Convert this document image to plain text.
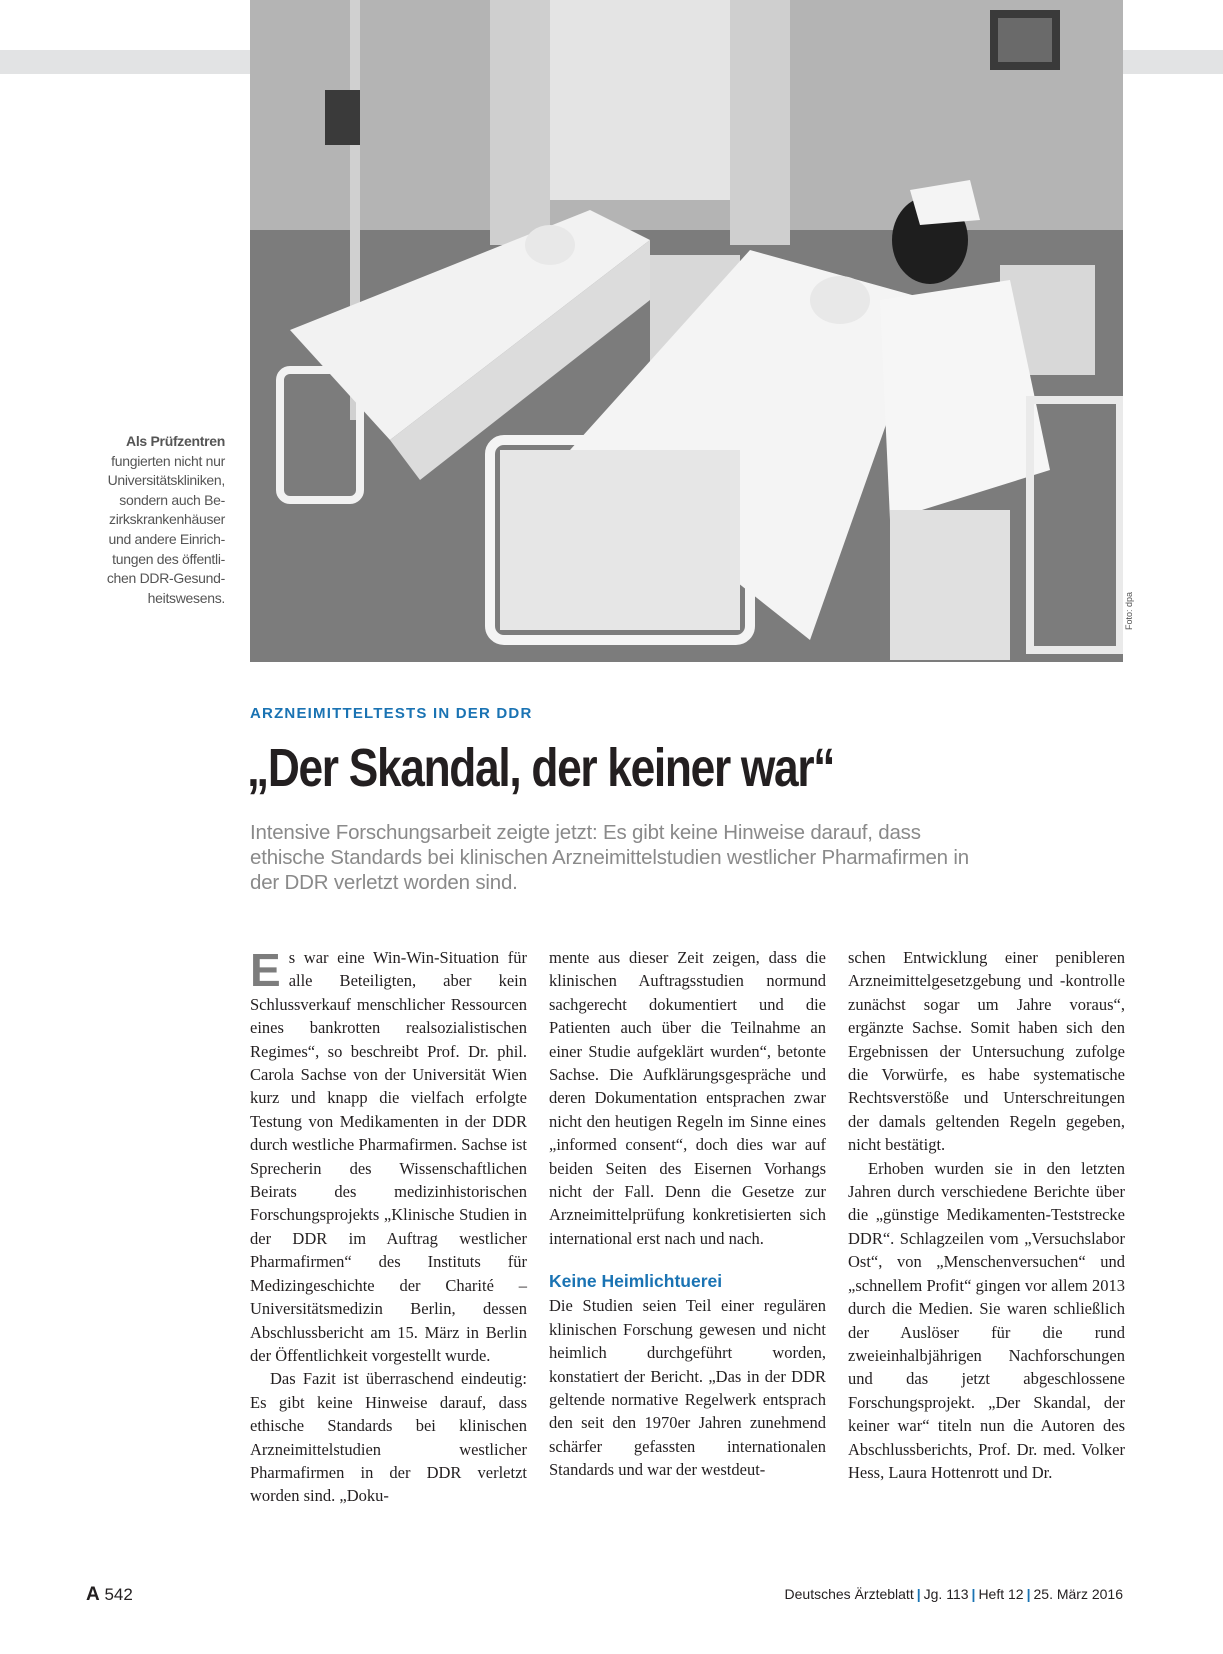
Foto: dpa
Als Prüfzentren
fungierten nicht nur
Universitätskliniken,
sondern auch Be-
zirkskrankenhäuser
und andere Einrich-
tungen des öffentli-
chen DDR-Gesund-
heitswesens.
ARZNEIMITTELTESTS IN DER DDR
„Der Skandal, der keiner war“
Intensive Forschungsarbeit zeigte jetzt: Es gibt keine Hinweise darauf, dass ethische Standards bei klinischen Arzneimittelstudien westlicher Pharmafirmen in der DDR verletzt worden sind.

Es war eine Win-Win-Situation für alle Beteiligten, aber kein Schlussverkauf menschlicher Ressourcen eines bankrotten realsozialistischen Regimes“, so beschreibt Prof. Dr. phil. Carola Sachse von der Universität Wien kurz und knapp die vielfach erfolgte Testung von Medikamenten in der DDR durch westliche Pharmafirmen. Sachse ist Sprecherin des Wissenschaftlichen Beirats des medizinhistorischen Forschungsprojekts „Klinische Studien in der DDR im Auftrag westlicher Pharmafirmen“ des Instituts für Medizingeschichte der Charité – Universitätsmedizin Berlin, dessen Abschlussbericht am 15. März in Berlin der Öffentlichkeit vorgestellt wurde.

Das Fazit ist überraschend eindeutig: Es gibt keine Hinweise darauf, dass ethische Standards bei klinischen Arzneimittelstudien westlicher Pharmafirmen in der DDR verletzt worden sind. „Doku-

mente aus dieser Zeit zeigen, dass die klinischen Auftragsstudien normund sachgerecht dokumentiert und die Patienten auch über die Teilnahme an einer Studie aufgeklärt wurden“, betonte Sachse. Die Aufklärungsgespräche und deren Dokumentation entsprachen zwar nicht den heutigen Regeln im Sinne eines „informed consent“, doch dies war auf beiden Seiten des Eisernen Vorhangs nicht der Fall. Denn die Gesetze zur Arzneimittelprüfung konkretisierten sich international erst nach und nach.

Keine Heimlichtuerei

Die Studien seien Teil einer regulären klinischen Forschung gewesen und nicht heimlich durchgeführt worden, konstatiert der Bericht. „Das in der DDR geltende normative Regelwerk entsprach den seit den 1970er Jahren zunehmend schärfer gefassten internationalen Standards und war der westdeut-

schen Entwicklung einer penibleren Arzneimittelgesetzgebung und -kontrolle zunächst sogar um Jahre voraus“, ergänzte Sachse. Somit haben sich den Ergebnissen der Untersuchung zufolge die Vorwürfe, es habe systematische Rechtsverstöße und Unterschreitungen der damals geltenden Regeln gegeben, nicht bestätigt.

Erhoben wurden sie in den letzten Jahren durch verschiedene Berichte über die „günstige Medikamenten-Teststrecke DDR“. Schlagzeilen vom „Versuchslabor Ost“, von „Menschenversuchen“ und „schnellem Profit“ gingen vor allem 2013 durch die Medien. Sie waren schließlich der Auslöser für die rund zweieinhalbjährigen Nachforschungen und das jetzt abgeschlossene Forschungsprojekt. „Der Skandal, der keiner war“ titeln nun die Autoren des Abschlussberichts, Prof. Dr. med. Volker Hess, Laura Hottenrott und Dr.

A 542	Deutsches Ärzteblatt | Jg. 113 | Heft 12 | 25. März 2016
